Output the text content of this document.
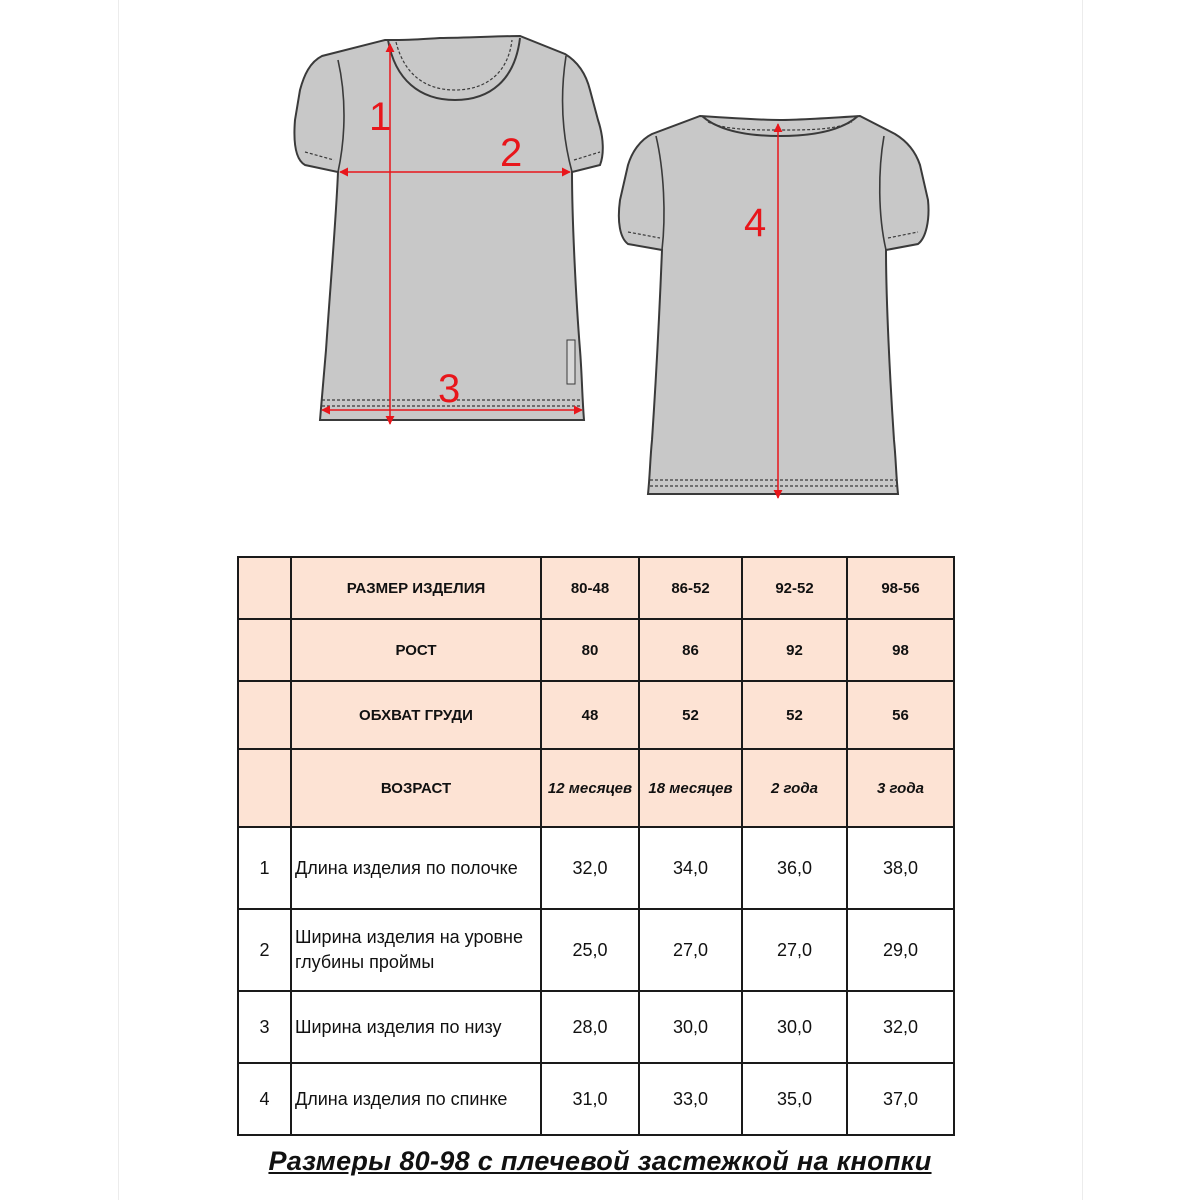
1
2
3
4
	РАЗМЕР ИЗДЕЛИЯ	80-48	86-52	92-52	98-56
	РОСТ	80	86	92	98
	ОБХВАТ ГРУДИ	48	52	52	56
	ВОЗРАСТ	12 месяцев	18 месяцев	2 года	3 года
1	Длина изделия по полочке	32,0	34,0	36,0	38,0
2	Ширина изделия на уровне глубины проймы	25,0	27,0	27,0	29,0
3	Ширина изделия по низу	28,0	30,0	30,0	32,0
4	Длина изделия по спинке	31,0	33,0	35,0	37,0
Размеры 80-98 с плечевой застежкой на кнопки
